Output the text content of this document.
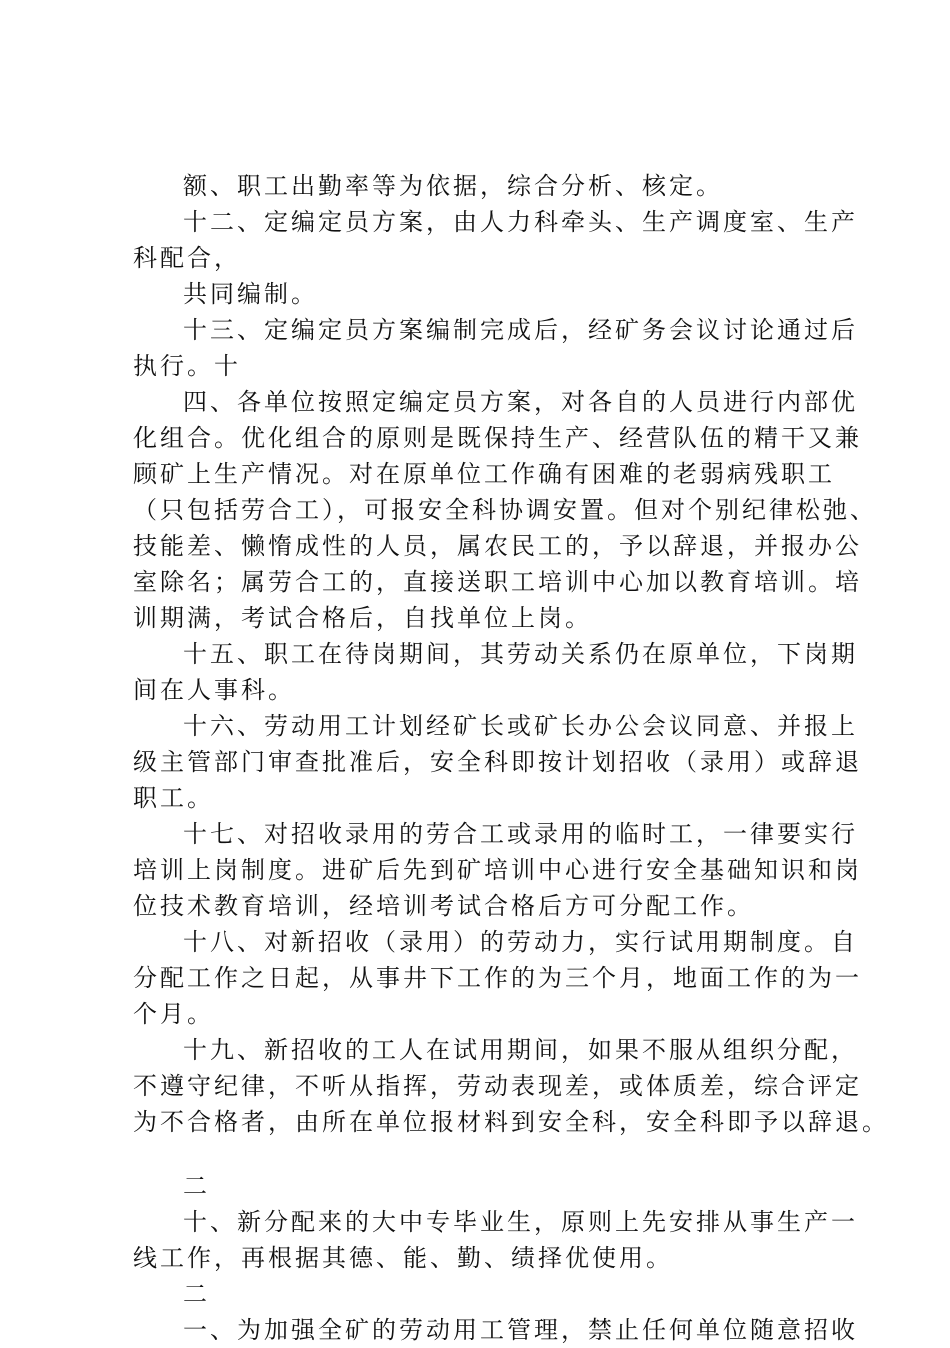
额、职工出勤率等为依据，综合分析、核定。
十二、定编定员方案，由人力科牵头、生产调度室、生产
科配合，
共同编制。
十三、定编定员方案编制完成后，经矿务会议讨论通过后
执行。十
四、各单位按照定编定员方案，对各自的人员进行内部优
化组合。优化组合的原则是既保持生产、经营队伍的精干又兼
顾矿上生产情况。对在原单位工作确有困难的老弱病残职工
（只包括劳合工），可报安全科协调安置。但对个别纪律松弛、
技能差、懒惰成性的人员，属农民工的，予以辞退，并报办公
室除名；属劳合工的，直接送职工培训中心加以教育培训。培
训期满，考试合格后，自找单位上岗。
十五、职工在待岗期间，其劳动关系仍在原单位，下岗期
间在人事科。
十六、劳动用工计划经矿长或矿长办公会议同意、并报上
级主管部门审查批准后，安全科即按计划招收（录用）或辞退
职工。
十七、对招收录用的劳合工或录用的临时工，一律要实行
培训上岗制度。进矿后先到矿培训中心进行安全基础知识和岗
位技术教育培训，经培训考试合格后方可分配工作。
十八、对新招收（录用）的劳动力，实行试用期制度。自
分配工作之日起，从事井下工作的为三个月，地面工作的为一
个月。
十九、新招收的工人在试用期间，如果不服从组织分配，
不遵守纪律，不听从指挥，劳动表现差，或体质差，综合评定
为不合格者，由所在单位报材料到安全科，安全科即予以辞退。
二
十、新分配来的大中专毕业生，原则上先安排从事生产一
线工作，再根据其德、能、勤、绩择优使用。
二
一、为加强全矿的劳动用工管理，禁止任何单位随意招收
